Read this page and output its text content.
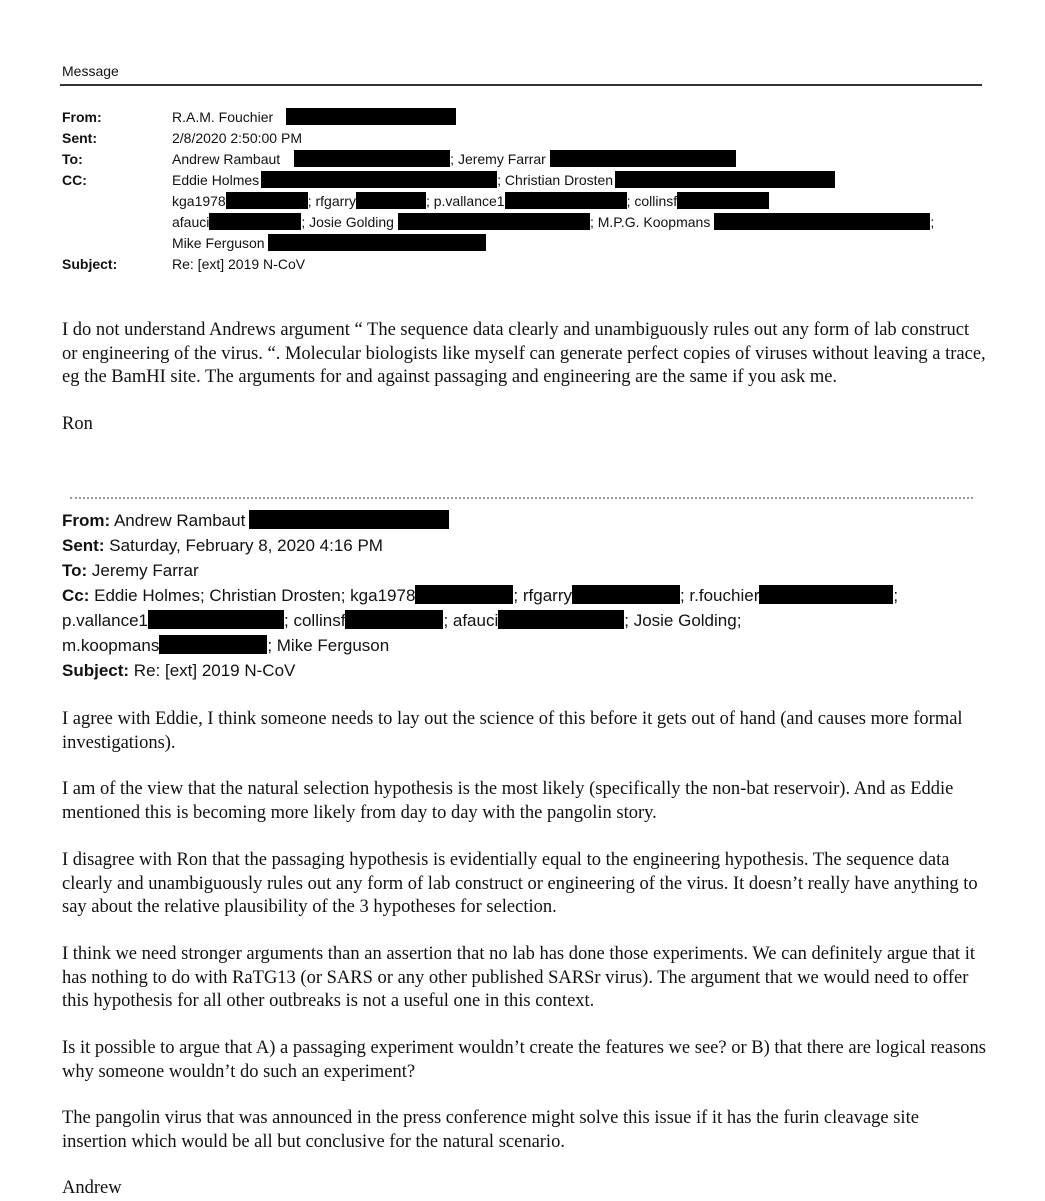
Message
From:	R.A.M. Fouchier
Sent:	2/8/2020 2:50:00 PM
To:	Andrew Rambaut	; Jeremy Farrar
CC:	Eddie Holmes	; Christian Drosten
kga1978	; rfgarry	; p.vallance1	; collinsf
afauci	; Josie Golding	; M.P.G. Koopmans	;
Mike Ferguson
Subject:	Re: [ext] 2019 N-CoV
I do not understand Andrews argument “ The sequence data clearly and unambiguously rules out any form of lab construct or engineering of the virus. “. Molecular biologists like myself can generate perfect copies of viruses without leaving a trace, eg the BamHI site. The arguments for and against passaging and engineering are the same if you ask me.
Ron
From: Andrew Rambaut
Sent: Saturday, February 8, 2020 4:16 PM
To: Jeremy Farrar
Cc: Eddie Holmes; Christian Drosten; kga1978	; rfgarry	; r.fouchier	;
p.vallance1	; collinsf	; afauci	; Josie Golding;
m.koopmans	; Mike Ferguson
Subject: Re: [ext] 2019 N-CoV
I agree with Eddie, I think someone needs to lay out the science of this before it gets out of hand (and causes more formal investigations).
I am of the view that the natural selection hypothesis is the most likely (specifically the non-bat reservoir). And as Eddie mentioned this is becoming more likely from day to day with the pangolin story.
I disagree with Ron that the passaging hypothesis is evidentially equal to the engineering hypothesis. The sequence data clearly and unambiguously rules out any form of lab construct or engineering of the virus. It doesn’t really have anything to say about the relative plausibility of the 3 hypotheses for selection.
I think we need stronger arguments than an assertion that no lab has done those experiments. We can definitely argue that it has nothing to do with RaTG13 (or SARS or any other published SARSr virus). The argument that we would need to offer this hypothesis for all other outbreaks is not a useful one in this context.
Is it possible to argue that A) a passaging experiment wouldn’t create the features we see? or B) that there are logical reasons why someone wouldn’t do such an experiment?
The pangolin virus that was announced in the press conference might solve this issue if it has the furin cleavage site insertion which would be all but conclusive for the natural scenario.
Andrew
